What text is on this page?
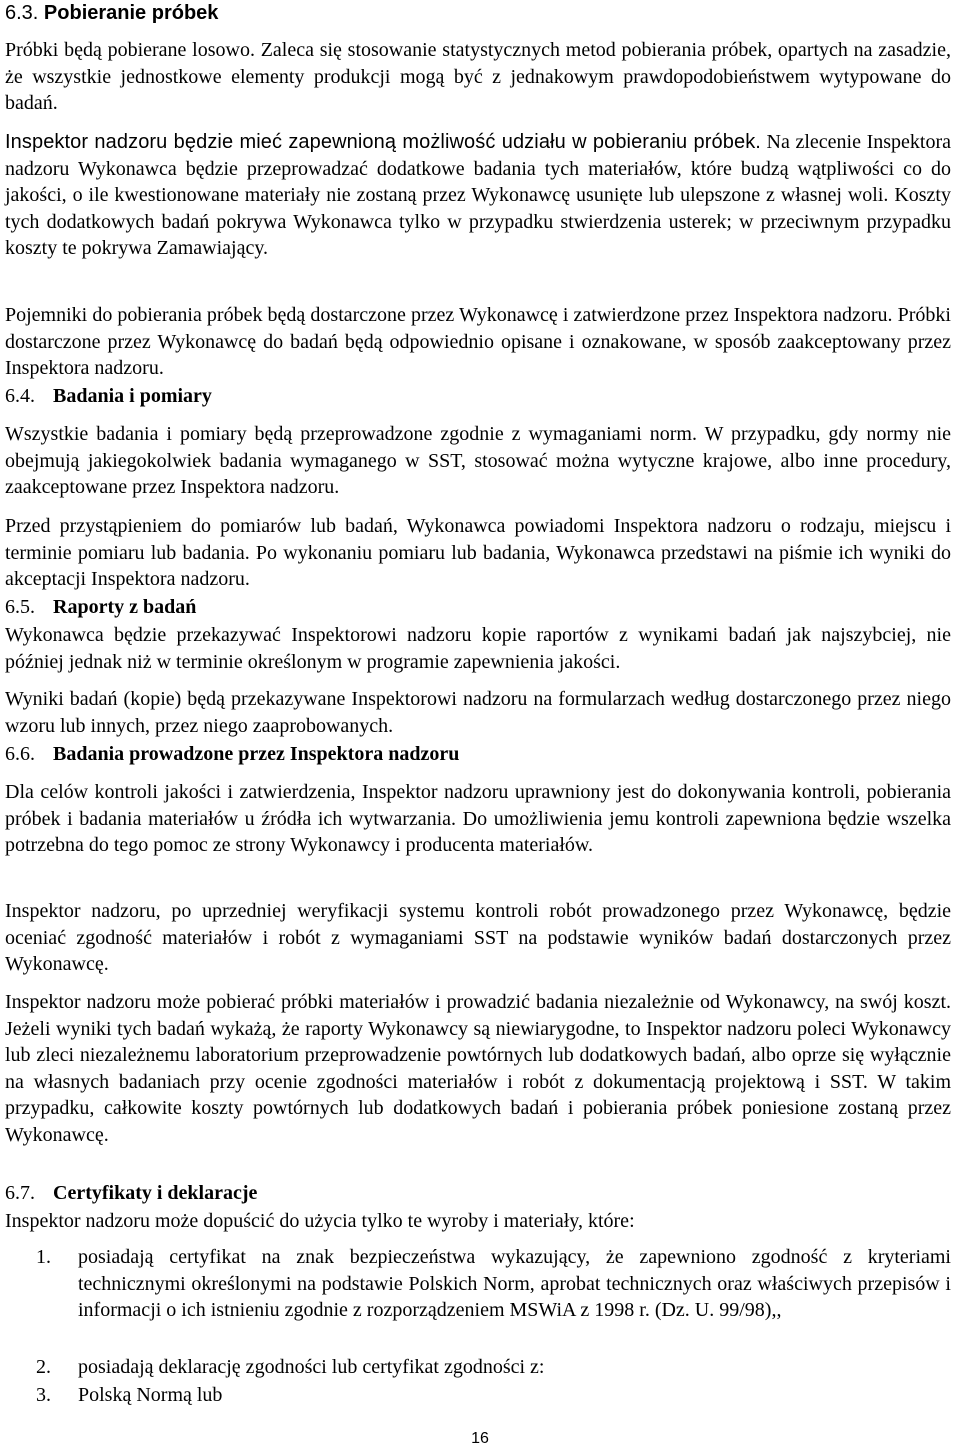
6.3. Pobieranie próbek

Próbki będą pobierane losowo. Zaleca się stosowanie statystycznych metod pobierania próbek, opartych na zasadzie, że wszystkie jednostkowe elementy produkcji mogą być z jednakowym prawdopodobieństwem wytypowane do badań.

Inspektor nadzoru będzie mieć zapewnioną możliwość udziału w pobieraniu próbek. Na zlecenie Inspektora nadzoru Wykonawca będzie przeprowadzać dodatkowe badania tych materiałów, które budzą wątpliwości co do jakości, o ile kwestionowane materiały nie zostaną przez Wykonawcę usunięte lub ulepszone z własnej woli. Koszty tych dodatkowych badań pokrywa Wykonawca tylko w przypadku stwierdzenia usterek; w przeciwnym przypadku koszty te pokrywa Zamawiający.

Pojemniki do pobierania próbek będą dostarczone przez Wykonawcę i zatwierdzone przez Inspektora nadzoru. Próbki dostarczone przez Wykonawcę do badań będą odpowiednio opisane i oznakowane, w sposób zaakceptowany przez Inspektora nadzoru.

6.4. Badania i pomiary

Wszystkie badania i pomiary będą przeprowadzone zgodnie z wymaganiami norm. W przypadku, gdy normy nie obejmują jakiegokolwiek badania wymaganego w SST, stosować można wytyczne krajowe, albo inne procedury, zaakceptowane przez Inspektora nadzoru.

Przed przystąpieniem do pomiarów lub badań, Wykonawca powiadomi Inspektora nadzoru o rodzaju, miejscu i terminie pomiaru lub badania. Po wykonaniu pomiaru lub badania, Wykonawca przedstawi na piśmie ich wyniki do akceptacji Inspektora nadzoru.

6.5. Raporty z badań

Wykonawca będzie przekazywać Inspektorowi nadzoru kopie raportów z wynikami badań jak najszybciej, nie później jednak niż w terminie określonym w programie zapewnienia jakości.

Wyniki badań (kopie) będą przekazywane Inspektorowi nadzoru na formularzach według dostarczonego przez niego wzoru lub innych, przez niego zaaprobowanych.

6.6. Badania prowadzone przez Inspektora nadzoru

Dla celów kontroli jakości i zatwierdzenia, Inspektor nadzoru uprawniony jest do dokonywania kontroli, pobierania próbek i badania materiałów u źródła ich wytwarzania. Do umożliwienia jemu kontroli zapewniona będzie wszelka potrzebna do tego pomoc ze strony Wykonawcy i producenta materiałów.

Inspektor nadzoru, po uprzedniej weryfikacji systemu kontroli robót prowadzonego przez Wykonawcę, będzie oceniać zgodność materiałów i robót z wymaganiami SST na podstawie wyników badań dostarczonych przez Wykonawcę.

Inspektor nadzoru może pobierać próbki materiałów i prowadzić badania niezależnie od Wykonawcy, na swój koszt. Jeżeli wyniki tych badań wykażą, że raporty Wykonawcy są niewiarygodne, to Inspektor nadzoru poleci Wykonawcy lub zleci niezależnemu laboratorium przeprowadzenie powtórnych lub dodatkowych badań, albo oprze się wyłącznie na własnych badaniach przy ocenie zgodności materiałów i robót z dokumentacją projektową i SST. W takim przypadku, całkowite koszty powtórnych lub dodatkowych badań i pobierania próbek poniesione zostaną przez Wykonawcę.

6.7. Certyfikaty i deklaracje

Inspektor nadzoru może dopuścić do użycia tylko te wyroby i materiały, które:

1.	posiadają certyfikat na znak bezpieczeństwa wykazujący, że zapewniono zgodność z kryteriami technicznymi określonymi na podstawie Polskich Norm, aprobat technicznych oraz właściwych przepisów i informacji o ich istnieniu zgodnie z rozporządzeniem MSWiA z 1998 r. (Dz. U. 99/98),,
2.	posiadają deklarację zgodności lub certyfikat zgodności z:
3.	Polską Normą lub
16
